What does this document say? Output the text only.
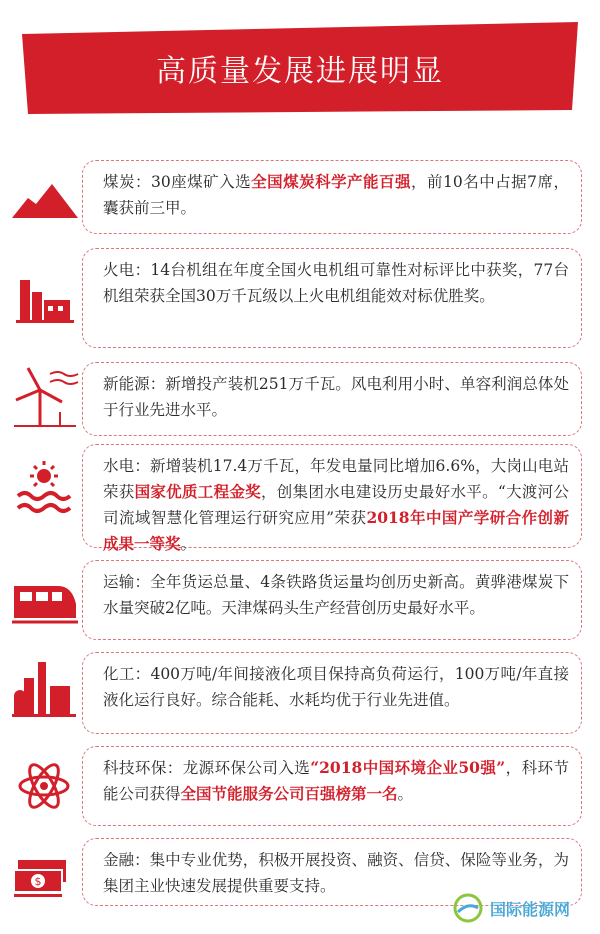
高质量发展进展明显
煤炭：30座煤矿入选全国煤炭科学产能百强，前10名中占据7席，囊获前三甲。
火电：14台机组在年度全国火电机组可靠性对标评比中获奖，77台机组荣获全国30万千瓦级以上火电机组能效对标优胜奖。
新能源：新增投产装机251万千瓦。风电利用小时、单容利润总体处于行业先进水平。
水电：新增装机17.4万千瓦，年发电量同比增加6.6%，大岗山电站荣获国家优质工程金奖，创集团水电建设历史最好水平。“大渡河公司流域智慧化管理运行研究应用”荣获2018年中国产学研合作创新成果一等奖。
运输：全年货运总量、4条铁路货运量均创历史新高。黄骅港煤炭下水量突破2亿吨。天津煤码头生产经营创历史最好水平。
化工：400万吨/年间接液化项目保持高负荷运行，100万吨/年直接液化运行良好。综合能耗、水耗均优于行业先进值。
科技环保：龙源环保公司入选“2018中国环境企业50强”，科环节能公司获得全国节能服务公司百强榜第一名。
$
金融：集中专业优势，积极开展投资、融资、信贷、保险等业务，为集团主业快速发展提供重要支持。
国际能源网
